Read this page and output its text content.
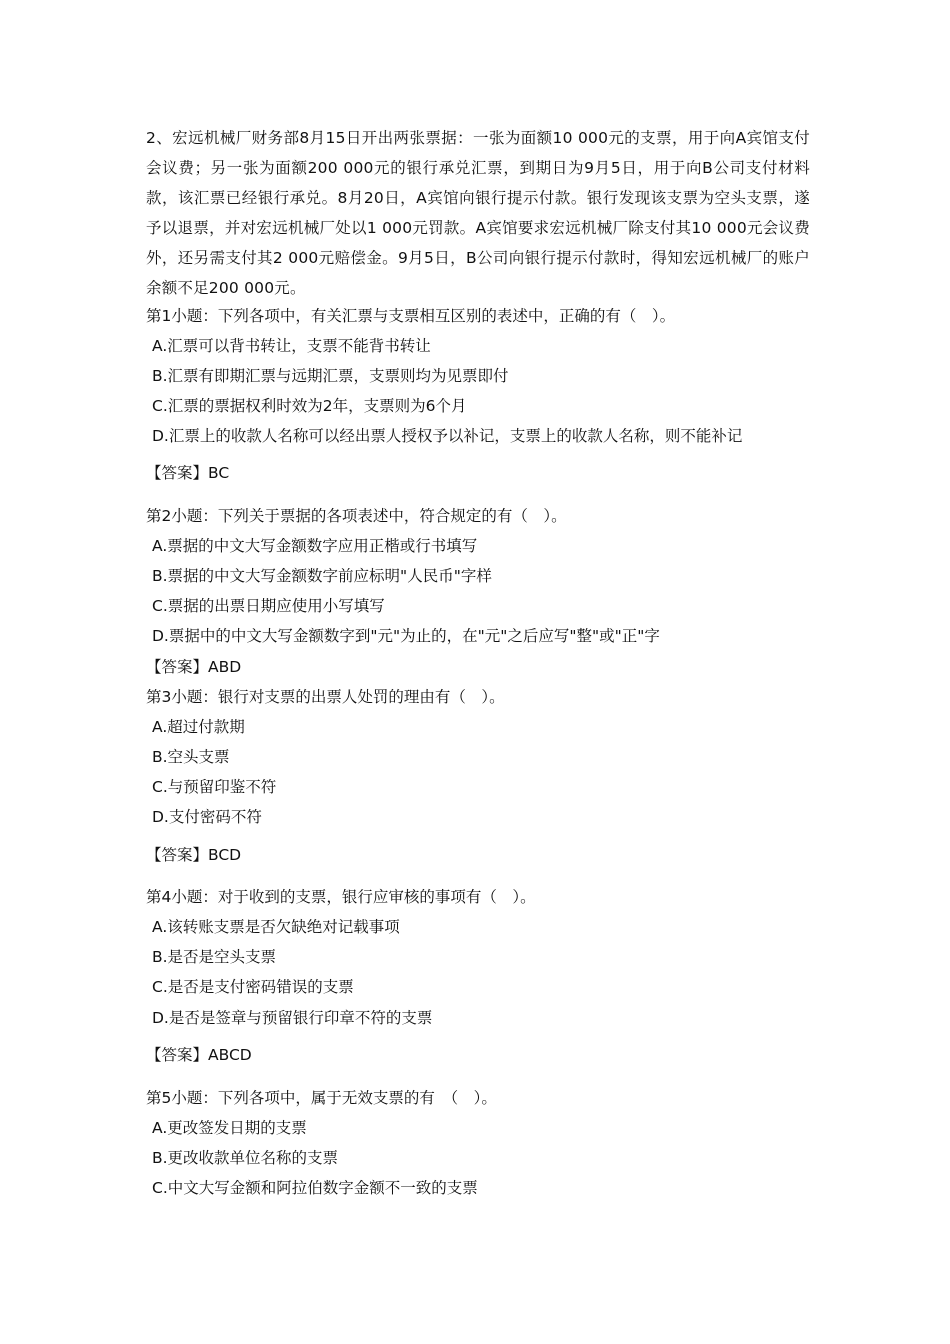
2、宏远机械厂财务部8月15日开出两张票据：一张为面额10 000元的支票，用于向A宾馆支付会议费；另一张为面额200 000元的银行承兑汇票，到期日为9月5日，用于向B公司支付材料款，该汇票已经银行承兑。8月20日，A宾馆向银行提示付款。银行发现该支票为空头支票，遂予以退票，并对宏远机械厂处以1 000元罚款。A宾馆要求宏远机械厂除支付其10 000元会议费外，还另需支付其2 000元赔偿金。9月5日，B公司向银行提示付款时，得知宏远机械厂的账户余额不足200 000元。
第1小题：下列各项中，有关汇票与支票相互区别的表述中，正确的有（　）。
A.汇票可以背书转让，支票不能背书转让
B.汇票有即期汇票与远期汇票，支票则均为见票即付
C.汇票的票据权利时效为2年，支票则为6个月
D.汇票上的收款人名称可以经出票人授权予以补记，支票上的收款人名称，则不能补记
【答案】BC
第2小题：下列关于票据的各项表述中，符合规定的有（　）。
A.票据的中文大写金额数字应用正楷或行书填写
B.票据的中文大写金额数字前应标明"人民币"字样
C.票据的出票日期应使用小写填写
D.票据中的中文大写金额数字到"元"为止的，在"元"之后应写"整"或"正"字
【答案】ABD
第3小题：银行对支票的出票人处罚的理由有（　）。
A.超过付款期
B.空头支票
C.与预留印鉴不符
D.支付密码不符
【答案】BCD
第4小题：对于收到的支票，银行应审核的事项有（　）。
A.该转账支票是否欠缺绝对记载事项
B.是否是空头支票
C.是否是支付密码错误的支票
D.是否是签章与预留银行印章不符的支票
【答案】ABCD
第5小题：下列各项中，属于无效支票的有　（　）。
A.更改签发日期的支票
B.更改收款单位名称的支票
C.中文大写金额和阿拉伯数字金额不一致的支票
